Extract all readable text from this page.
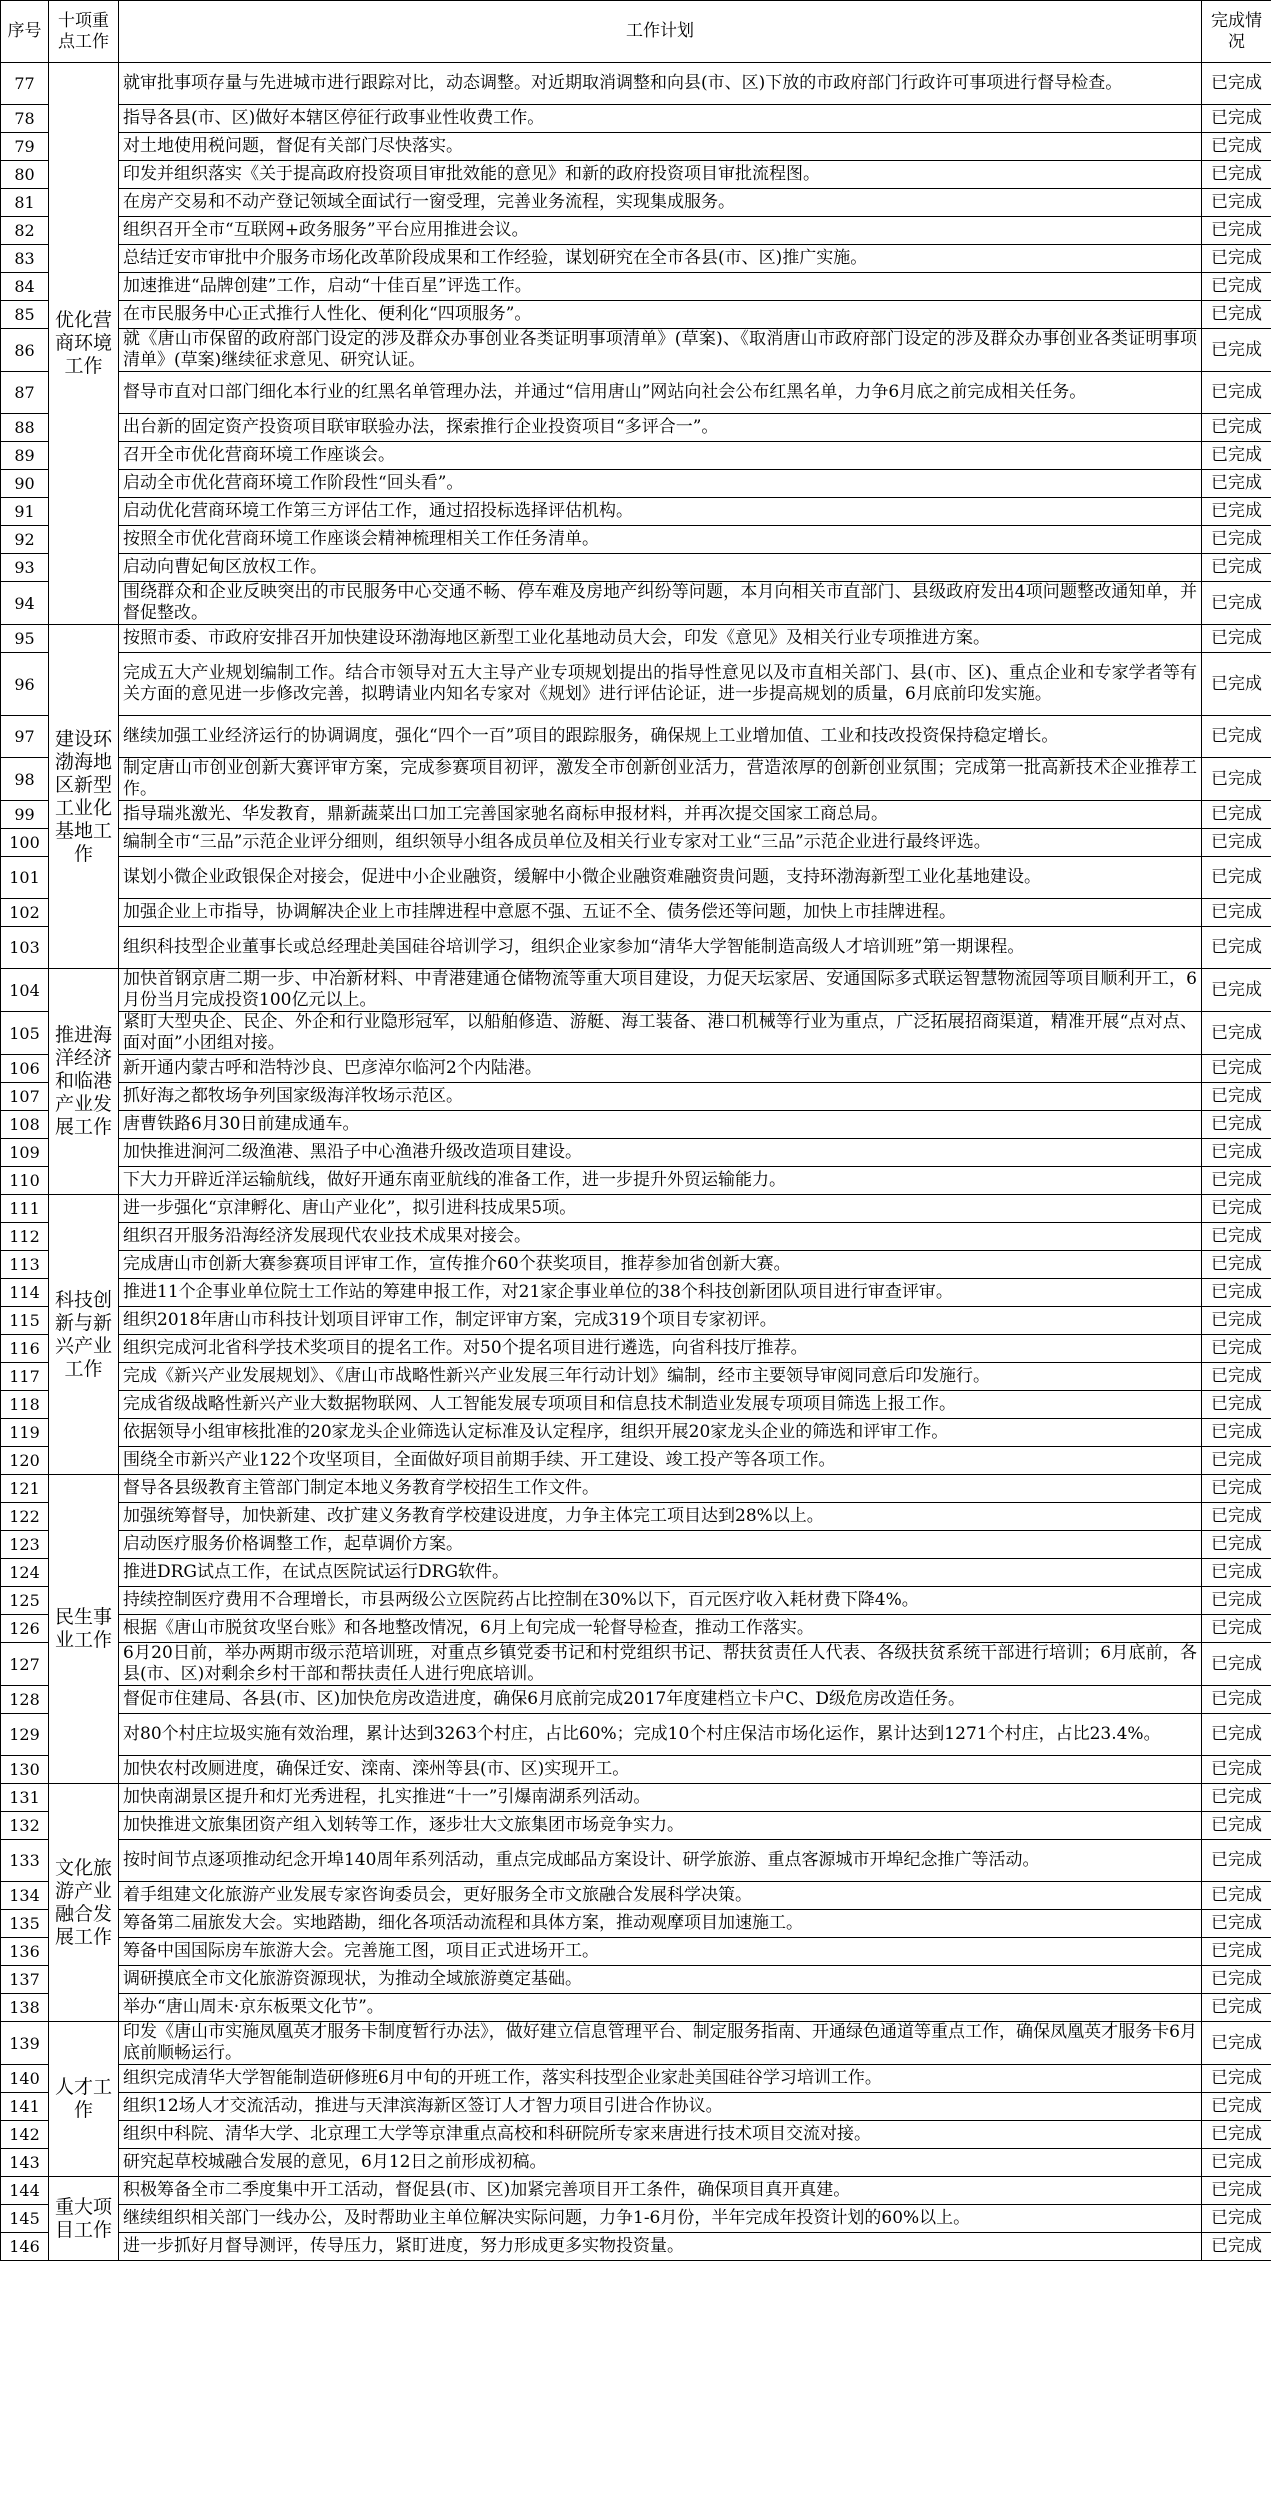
序号	十项重点工作	工作计划	完成情况
77	优化营商环境工作	就审批事项存量与先进城市进行跟踪对比，动态调整。对近期取消调整和向县(市、区)下放的市政府部门行政许可事项进行督导检查。	已完成
78		指导各县(市、区)做好本辖区停征行政事业性收费工作。	已完成
79		对土地使用税问题，督促有关部门尽快落实。	已完成
80		印发并组织落实《关于提高政府投资项目审批效能的意见》和新的政府投资项目审批流程图。	已完成
81		在房产交易和不动产登记领域全面试行一窗受理，完善业务流程，实现集成服务。	已完成
82		组织召开全市“互联网+政务服务”平台应用推进会议。	已完成
83		总结迁安市审批中介服务市场化改革阶段成果和工作经验，谋划研究在全市各县(市、区)推广实施。	已完成
84		加速推进“品牌创建”工作，启动“十佳百星”评选工作。	已完成
85		在市民服务中心正式推行人性化、便利化“四项服务”。	已完成
86		就《唐山市保留的政府部门设定的涉及群众办事创业各类证明事项清单》(草案)、《取消唐山市政府部门设定的涉及群众办事创业各类证明事项清单》(草案)继续征求意见、研究认证。	已完成
87		督导市直对口部门细化本行业的红黑名单管理办法，并通过“信用唐山”网站向社会公布红黑名单，力争6月底之前完成相关任务。	已完成
88		出台新的固定资产投资项目联审联验办法，探索推行企业投资项目“多评合一”。	已完成
89		召开全市优化营商环境工作座谈会。	已完成
90		启动全市优化营商环境工作阶段性“回头看”。	已完成
91		启动优化营商环境工作第三方评估工作，通过招投标选择评估机构。	已完成
92		按照全市优化营商环境工作座谈会精神梳理相关工作任务清单。	已完成
93		启动向曹妃甸区放权工作。	已完成
94		围绕群众和企业反映突出的市民服务中心交通不畅、停车难及房地产纠纷等问题，本月向相关市直部门、县级政府发出4项问题整改通知单，并督促整改。	已完成
95	建设环渤海地区新型工业化基地工作	按照市委、市政府安排召开加快建设环渤海地区新型工业化基地动员大会，印发《意见》及相关行业专项推进方案。	已完成
96		完成五大产业规划编制工作。结合市领导对五大主导产业专项规划提出的指导性意见以及市直相关部门、县(市、区)、重点企业和专家学者等有关方面的意见进一步修改完善，拟聘请业内知名专家对《规划》进行评估论证，进一步提高规划的质量，6月底前印发实施。	已完成
97		继续加强工业经济运行的协调调度，强化“四个一百”项目的跟踪服务，确保规上工业增加值、工业和技改投资保持稳定增长。	已完成
98		制定唐山市创业创新大赛评审方案，完成参赛项目初评，激发全市创新创业活力，营造浓厚的创新创业氛围；完成第一批高新技术企业推荐工作。	已完成
99		指导瑞兆激光、华发教育，鼎新蔬菜出口加工完善国家驰名商标申报材料，并再次提交国家工商总局。	已完成
100		编制全市“三品”示范企业评分细则，组织领导小组各成员单位及相关行业专家对工业“三品”示范企业进行最终评选。	已完成
101		谋划小微企业政银保企对接会，促进中小企业融资，缓解中小微企业融资难融资贵问题，支持环渤海新型工业化基地建设。	已完成
102		加强企业上市指导，协调解决企业上市挂牌进程中意愿不强、五证不全、债务偿还等问题，加快上市挂牌进程。	已完成
103		组织科技型企业董事长或总经理赴美国硅谷培训学习，组织企业家参加“清华大学智能制造高级人才培训班”第一期课程。	已完成
104	推进海洋经济和临港产业发展工作	加快首钢京唐二期一步、中冶新材料、中青港建通仓储物流等重大项目建设，力促天坛家居、安通国际多式联运智慧物流园等项目顺利开工，6月份当月完成投资100亿元以上。	已完成
105		紧盯大型央企、民企、外企和行业隐形冠军，以船舶修造、游艇、海工装备、港口机械等行业为重点，广泛拓展招商渠道，精准开展“点对点、面对面”小团组对接。	已完成
106		新开通内蒙古呼和浩特沙良、巴彦淖尔临河2个内陆港。	已完成
107		抓好海之都牧场争列国家级海洋牧场示范区。	已完成
108		唐曹铁路6月30日前建成通车。	已完成
109		加快推进涧河二级渔港、黑沿子中心渔港升级改造项目建设。	已完成
110		下大力开辟近洋运输航线，做好开通东南亚航线的准备工作，进一步提升外贸运输能力。	已完成
111	科技创新与新兴产业工作	进一步强化“京津孵化、唐山产业化”，拟引进科技成果5项。	已完成
112		组织召开服务沿海经济发展现代农业技术成果对接会。	已完成
113		完成唐山市创新大赛参赛项目评审工作，宣传推介60个获奖项目，推荐参加省创新大赛。	已完成
114		推进11个企事业单位院士工作站的筹建申报工作，对21家企事业单位的38个科技创新团队项目进行审查评审。	已完成
115		组织2018年唐山市科技计划项目评审工作，制定评审方案，完成319个项目专家初评。	已完成
116		组织完成河北省科学技术奖项目的提名工作。对50个提名项目进行遴选，向省科技厅推荐。	已完成
117		完成《新兴产业发展规划》、《唐山市战略性新兴产业发展三年行动计划》编制，经市主要领导审阅同意后印发施行。	已完成
118		完成省级战略性新兴产业大数据物联网、人工智能发展专项项目和信息技术制造业发展专项项目筛选上报工作。	已完成
119		依据领导小组审核批准的20家龙头企业筛选认定标准及认定程序，组织开展20家龙头企业的筛选和评审工作。	已完成
120		围绕全市新兴产业122个攻坚项目，全面做好项目前期手续、开工建设、竣工投产等各项工作。	已完成
121	民生事业工作	督导各县级教育主管部门制定本地义务教育学校招生工作文件。	已完成
122		加强统筹督导，加快新建、改扩建义务教育学校建设进度，力争主体完工项目达到28%以上。	已完成
123		启动医疗服务价格调整工作，起草调价方案。	已完成
124		推进DRG试点工作，在试点医院试运行DRG软件。	已完成
125		持续控制医疗费用不合理增长，市县两级公立医院药占比控制在30%以下，百元医疗收入耗材费下降4%。	已完成
126		根据《唐山市脱贫攻坚台账》和各地整改情况，6月上旬完成一轮督导检查，推动工作落实。	已完成
127		6月20日前，举办两期市级示范培训班，对重点乡镇党委书记和村党组织书记、帮扶贫责任人代表、各级扶贫系统干部进行培训；6月底前，各县(市、区)对剩余乡村干部和帮扶责任人进行兜底培训。	已完成
128		督促市住建局、各县(市、区)加快危房改造进度，确保6月底前完成2017年度建档立卡户C、D级危房改造任务。	已完成
129		对80个村庄垃圾实施有效治理，累计达到3263个村庄，占比60%；完成10个村庄保洁市场化运作，累计达到1271个村庄，占比23.4%。	已完成
130		加快农村改厕进度，确保迁安、滦南、滦州等县(市、区)实现开工。	已完成
131	文化旅游产业融合发展工作	加快南湖景区提升和灯光秀进程，扎实推进“十一”引爆南湖系列活动。	已完成
132		加快推进文旅集团资产组入划转等工作，逐步壮大文旅集团市场竞争实力。	已完成
133		按时间节点逐项推动纪念开埠140周年系列活动，重点完成邮品方案设计、研学旅游、重点客源城市开埠纪念推广等活动。	已完成
134		着手组建文化旅游产业发展专家咨询委员会，更好服务全市文旅融合发展科学决策。	已完成
135		筹备第二届旅发大会。实地踏勘，细化各项活动流程和具体方案，推动观摩项目加速施工。	已完成
136		筹备中国国际房车旅游大会。完善施工图，项目正式进场开工。	已完成
137		调研摸底全市文化旅游资源现状，为推动全域旅游奠定基础。	已完成
138		举办“唐山周末·京东板栗文化节”。	已完成
139	人才工作	印发《唐山市实施凤凰英才服务卡制度暂行办法》，做好建立信息管理平台、制定服务指南、开通绿色通道等重点工作，确保凤凰英才服务卡6月底前顺畅运行。	已完成
140		组织完成清华大学智能制造研修班6月中旬的开班工作，落实科技型企业家赴美国硅谷学习培训工作。	已完成
141		组织12场人才交流活动，推进与天津滨海新区签订人才智力项目引进合作协议。	已完成
142		组织中科院、清华大学、北京理工大学等京津重点高校和科研院所专家来唐进行技术项目交流对接。	已完成
143		研究起草校城融合发展的意见，6月12日之前形成初稿。	已完成
144	重大项目工作	积极筹备全市二季度集中开工活动，督促县(市、区)加紧完善项目开工条件，确保项目真开真建。	已完成
145		继续组织相关部门一线办公，及时帮助业主单位解决实际问题，力争1-6月份，半年完成年投资计划的60%以上。	已完成
146		进一步抓好月督导测评，传导压力，紧盯进度，努力形成更多实物投资量。	已完成
